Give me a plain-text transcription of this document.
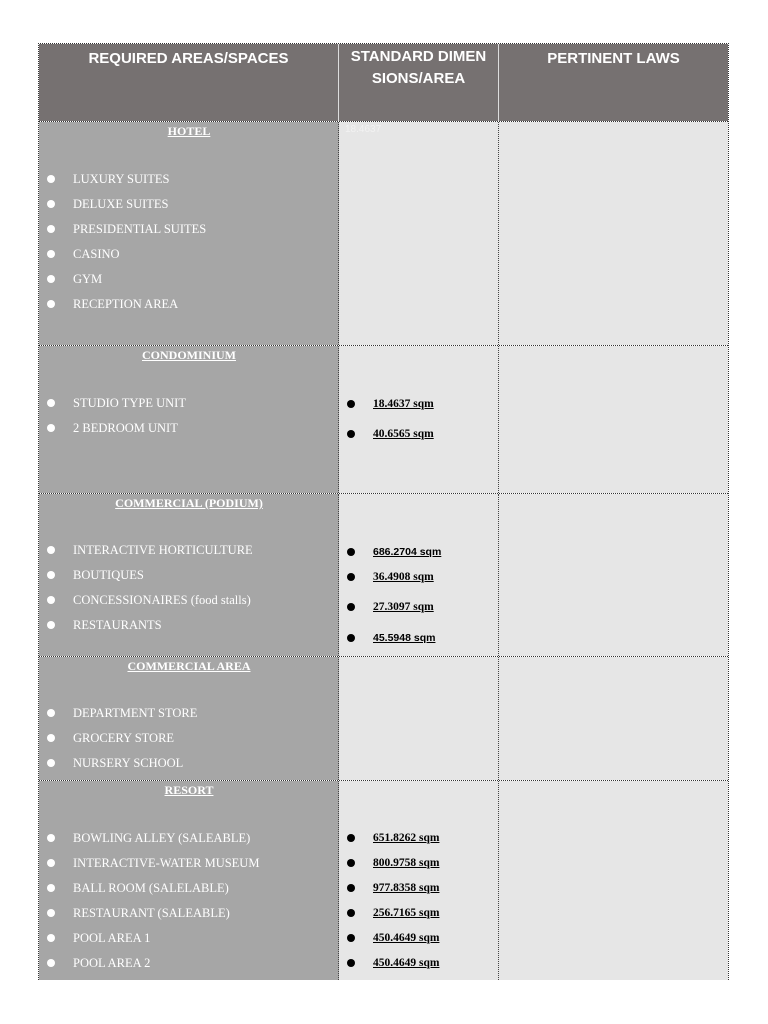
REQUIRED AREAS/SPACES	STANDARD DIMENSIONS/AREA
PERTINENT LAWS
HOTEL	18.4637
LUXURY SUITES
DELUXE SUITES
PRESIDENTIAL SUITES
CASINO
GYM
RECEPTION AREA
CONDOMINIUM
STUDIO TYPE UNIT
2 BEDROOM UNIT
18.4637 sqm
40.6565 sqm
COMMERCIAL (PODIUM)
INTERACTIVE HORTICULTURE
BOUTIQUES
CONCESSIONAIRES (food stalls)
RESTAURANTS
686.2704 sqm
36.4908 sqm
27.3097 sqm
45.5948 sqm
COMMERCIAL AREA
DEPARTMENT STORE
GROCERY STORE
NURSERY SCHOOL
RESORT
BOWLING ALLEY (SALEABLE)
INTERACTIVE-WATER MUSEUM
BALL ROOM (SALELABLE)
RESTAURANT (SALEABLE)
POOL AREA 1
POOL AREA 2
651.8262 sqm
800.9758 sqm
977.8358 sqm
256.7165 sqm
450.4649 sqm
450.4649 sqm
